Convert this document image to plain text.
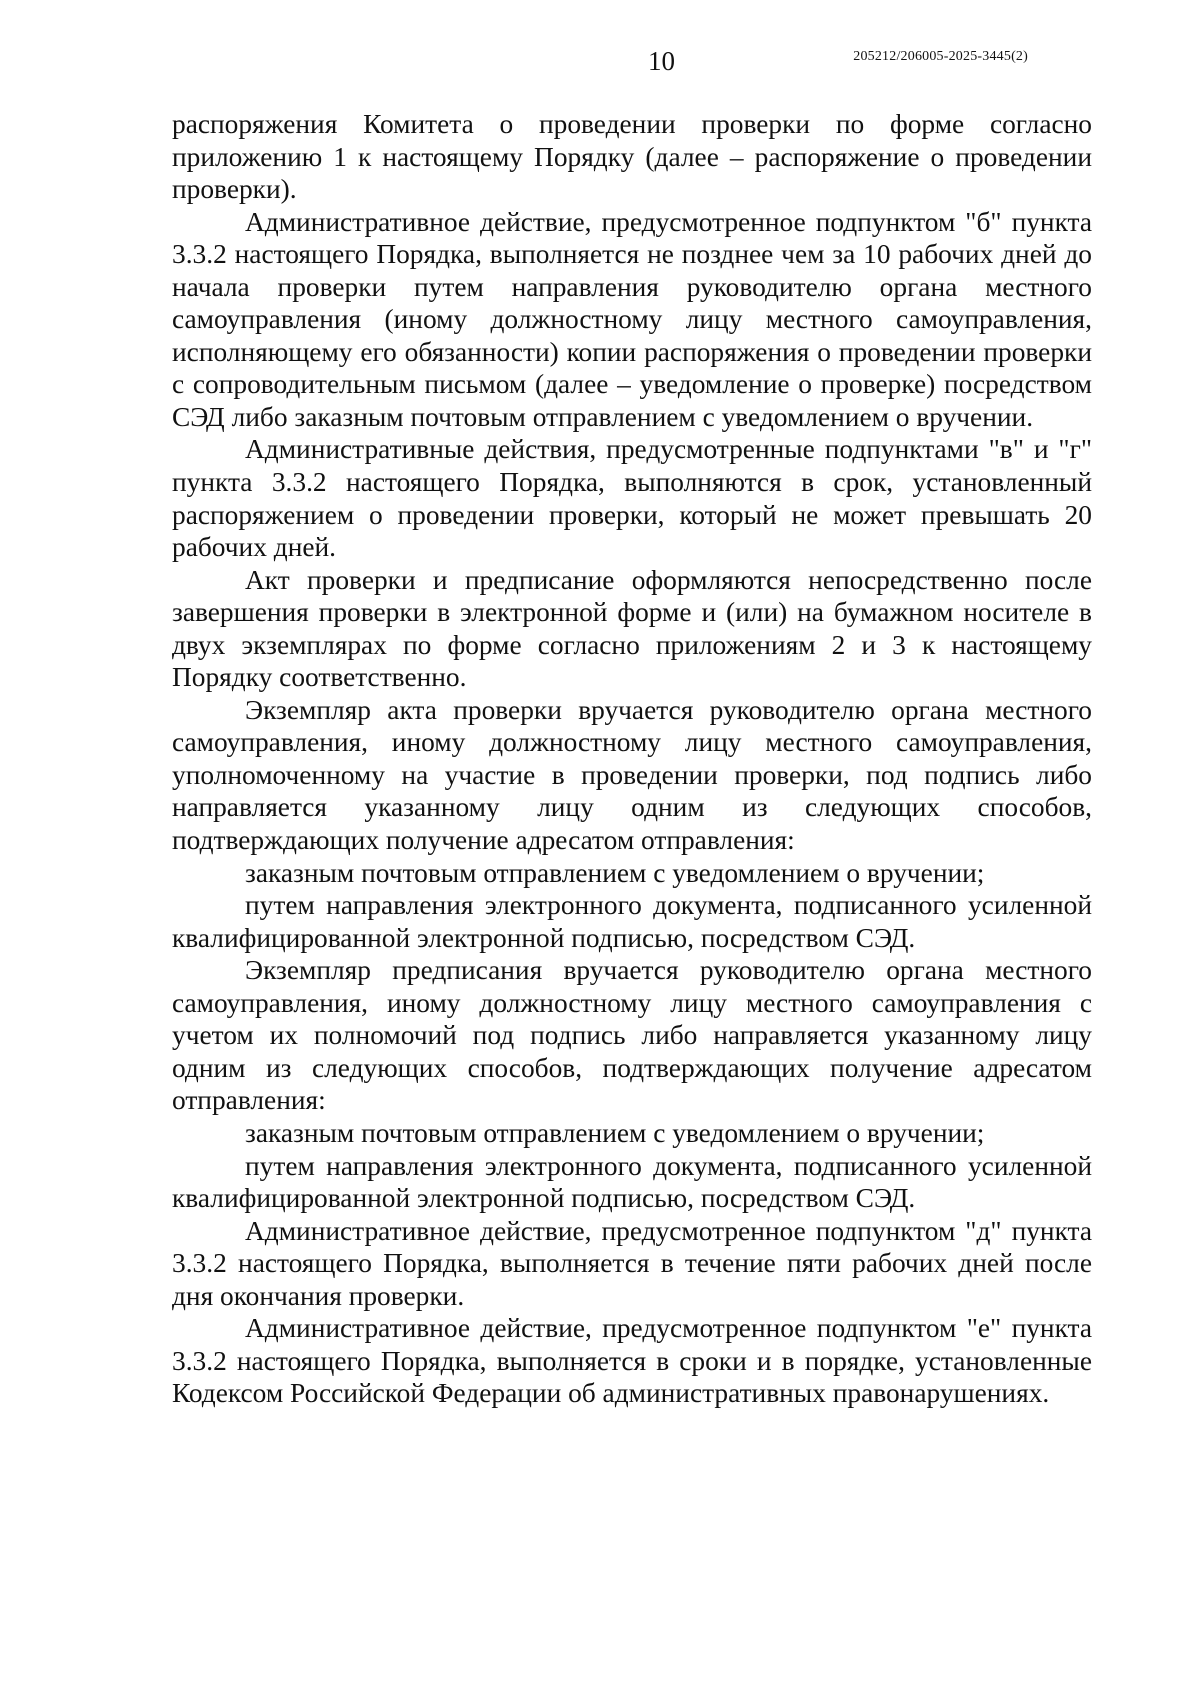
10	205212/206005-2025-3445(2)

распоряжения Комитета о проведении проверки по форме согласно приложению 1 к настоящему Порядку (далее – распоряжение о проведении проверки).

Административное действие, предусмотренное подпунктом "б" пункта 3.3.2 настоящего Порядка, выполняется не позднее чем за 10 рабочих дней до начала проверки путем направления руководителю органа местного самоуправления (иному должностному лицу местного самоуправления, исполняющему его обязанности) копии распоряжения о проведении проверки с сопроводительным письмом (далее – уведомление о проверке) посредством СЭД либо заказным почтовым отправлением с уведомлением о вручении.

Административные действия, предусмотренные подпунктами "в" и "г" пункта 3.3.2 настоящего Порядка, выполняются в срок, установленный распоряжением о проведении проверки, который не может превышать 20 рабочих дней.

Акт проверки и предписание оформляются непосредственно после завершения проверки в электронной форме и (или) на бумажном носителе в двух экземплярах по форме согласно приложениям 2 и 3 к настоящему Порядку соответственно.

Экземпляр акта проверки вручается руководителю органа местного самоуправления, иному должностному лицу местного самоуправления, уполномоченному на участие в проведении проверки, под подпись либо направляется указанному лицу одним из следующих способов, подтверждающих получение адресатом отправления:

заказным почтовым отправлением с уведомлением о вручении;

путем направления электронного документа, подписанного усиленной квалифицированной электронной подписью, посредством СЭД.

Экземпляр предписания вручается руководителю органа местного самоуправления, иному должностному лицу местного самоуправления с учетом их полномочий под подпись либо направляется указанному лицу одним из следующих способов, подтверждающих получение адресатом отправления:

заказным почтовым отправлением с уведомлением о вручении;

путем направления электронного документа, подписанного усиленной квалифицированной электронной подписью, посредством СЭД.

Административное действие, предусмотренное подпунктом "д" пункта 3.3.2 настоящего Порядка, выполняется в течение пяти рабочих дней после дня окончания проверки.

Административное действие, предусмотренное подпунктом "е" пункта 3.3.2 настоящего Порядка, выполняется в сроки и в порядке, установленные Кодексом Российской Федерации об административных правонарушениях.
